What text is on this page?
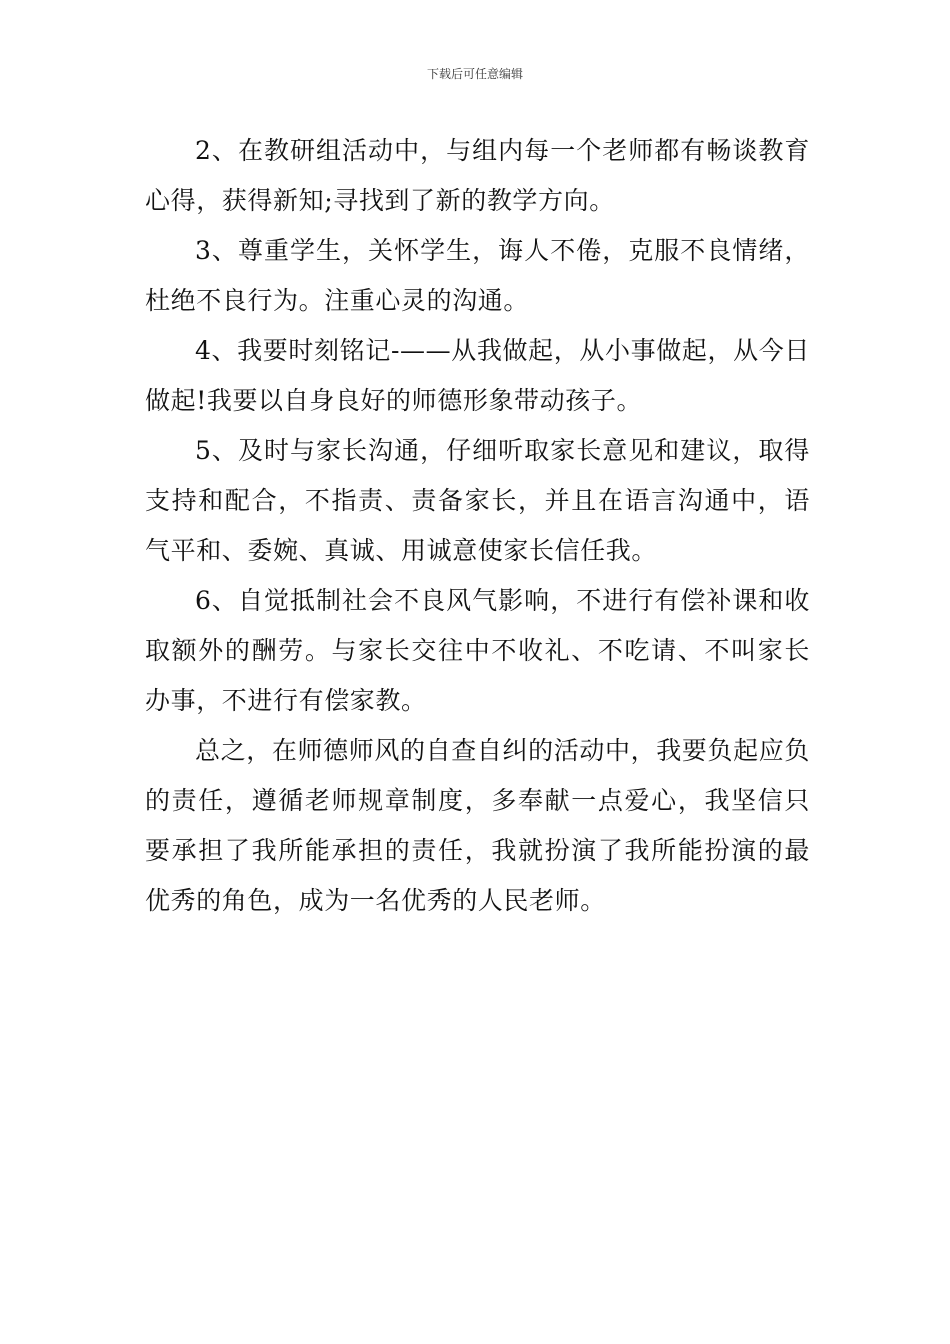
下载后可任意编辑

2、在教研组活动中，与组内每一个老师都有畅谈教育心得，获得新知;寻找到了新的教学方向。

3、尊重学生，关怀学生，诲人不倦，克服不良情绪，杜绝不良行为。注重心灵的沟通。

4、我要时刻铭记-——从我做起，从小事做起，从今日做起!我要以自身良好的师德形象带动孩子。

5、及时与家长沟通，仔细听取家长意见和建议，取得支持和配合，不指责、责备家长，并且在语言沟通中，语气平和、委婉、真诚、用诚意使家长信任我。

6、自觉抵制社会不良风气影响，不进行有偿补课和收取额外的酬劳。与家长交往中不收礼、不吃请、不叫家长办事，不进行有偿家教。

总之，在师德师风的自查自纠的活动中，我要负起应负的责任，遵循老师规章制度，多奉献一点爱心，我坚信只要承担了我所能承担的责任，我就扮演了我所能扮演的最优秀的角色，成为一名优秀的人民老师。
